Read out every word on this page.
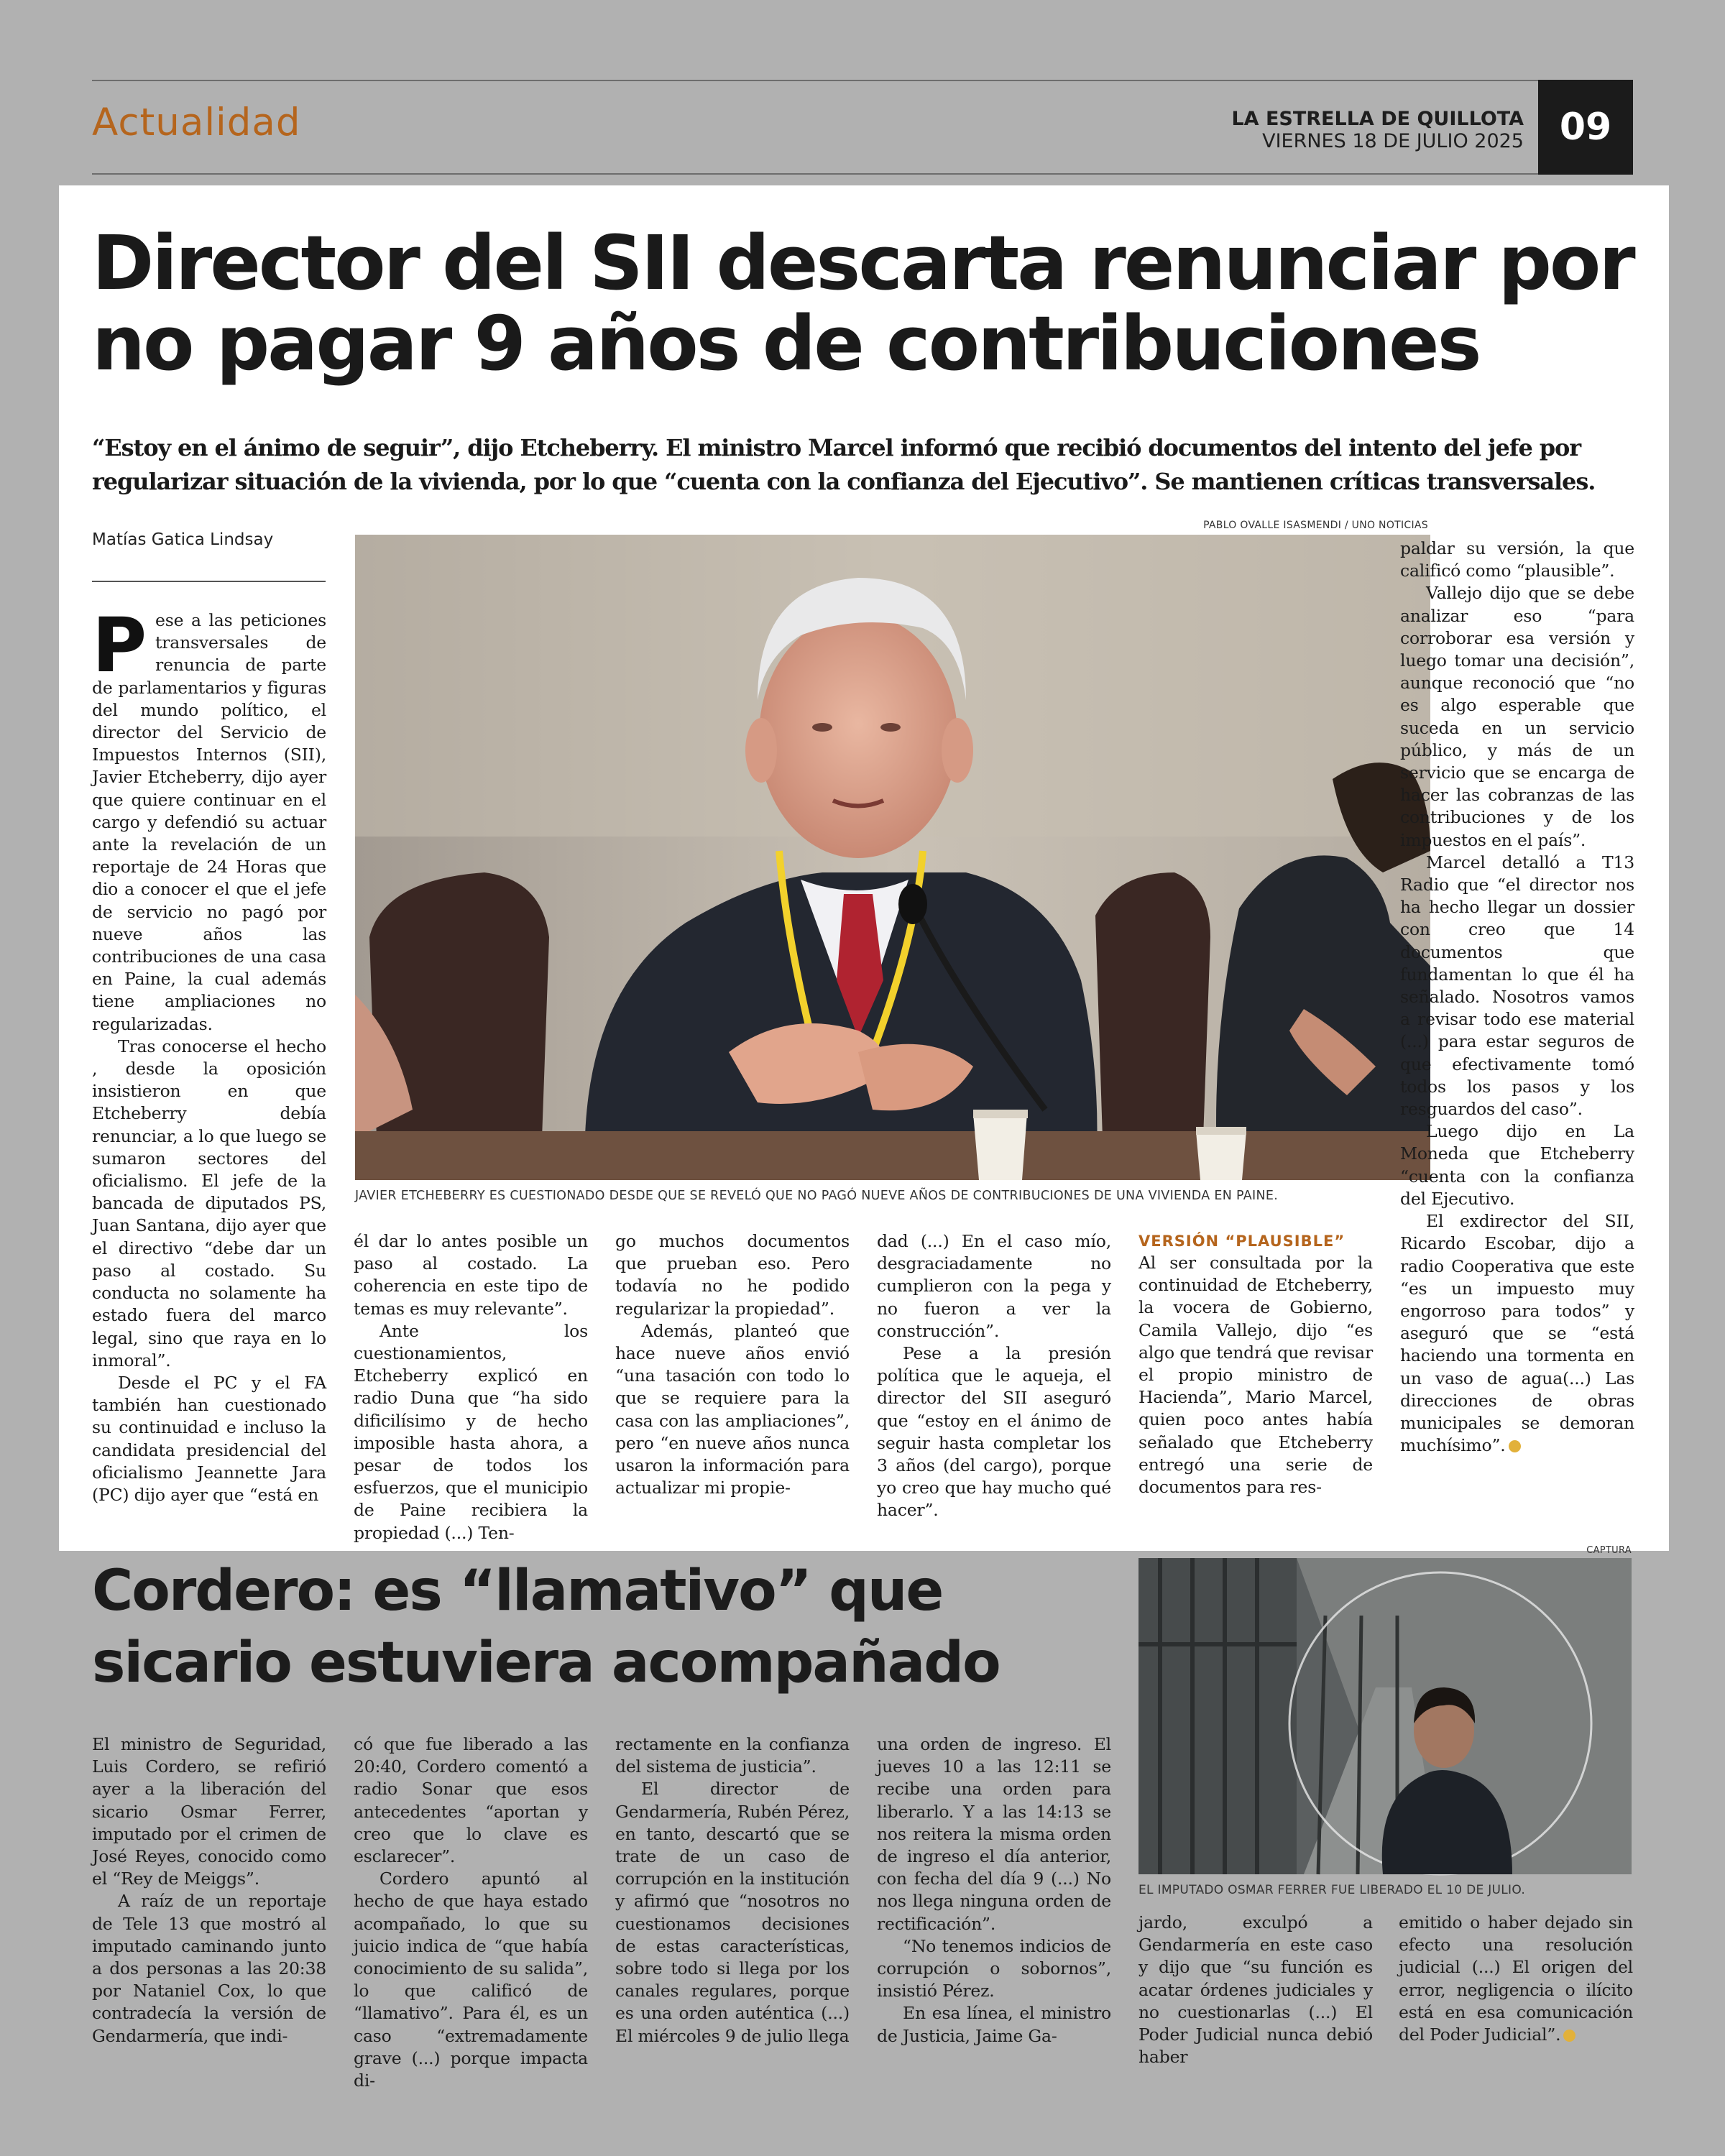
Actualidad	LA ESTRELLA DE QUILLOTA
VIERNES 18 DE JULIO 2025 09
Director del SII descarta renunciar por
no pagar 9 años de contribuciones
“Estoy en el ánimo de seguir”, dijo Etcheberry. El ministro Marcel informó que recibió documentos del intento del jefe por
regularizar situación de la vivienda, por lo que “cuenta con la confianza del Ejecutivo”. Se mantienen críticas transversales.
Matías Gatica Lindsay
PABLO OVALLE ISASMENDI / UNO NOTICIAS
JAVIER ETCHEBERRY ES CUESTIONADO DESDE QUE SE REVELÓ QUE NO PAGÓ NUEVE AÑOS DE CONTRIBUCIONES DE UNA VIVIENDA EN PAINE.

Pese a las peticiones transversales de renuncia de parte de parlamentarios y figuras del mundo político, el director del Servicio de Impuestos Internos (SII), Javier Etcheberry, dijo ayer que quiere continuar en el cargo y defendió su actuar ante la revelación de un reportaje de 24 Horas que dio a conocer el que el jefe de servicio no pagó por nueve años las contribuciones de una casa en Paine, la cual además tiene ampliaciones no regularizadas.

Tras conocerse el hecho , desde la oposición insistieron en que Etcheberry debía renunciar, a lo que luego se sumaron sectores del oficialismo. El jefe de la bancada de diputados PS, Juan Santana, dijo ayer que el directivo “debe dar un paso al costado. Su conducta no solamente ha estado fuera del marco legal, sino que raya en lo inmoral”.

Desde el PC y el FA también han cuestionado su continuidad e incluso la candidata presidencial del oficialismo Jeannette Jara (PC) dijo ayer que “está en

él dar lo antes posible un paso al costado. La coherencia en este tipo de temas es muy relevante”.

Ante los cuestionamientos, Etcheberry explicó en radio Duna que “ha sido dificilísimo y de hecho imposible hasta ahora, a pesar de todos los esfuerzos, que el municipio de Paine recibiera la propiedad (...) Ten-

go muchos documentos que prueban eso. Pero todavía no he podido regularizar la propiedad”.

Además, planteó que hace nueve años envió “una tasación con todo lo que se requiere para la casa con las ampliaciones”, pero “en nueve años nunca usaron la información para actualizar mi propie-

dad (...) En el caso mío, desgraciadamente no cumplieron con la pega y no fueron a ver la construcción”.

Pese a la presión política que le aqueja, el director del SII aseguró que “estoy en el ánimo de seguir hasta completar los 3 años (del cargo), porque yo creo que hay mucho qué hacer”.

VERSIÓN “PLAUSIBLE”

Al ser consultada por la continuidad de Etcheberry, la vocera de Gobierno, Camila Vallejo, dijo “es algo que tendrá que revisar el propio ministro de Hacienda”, Mario Marcel, quien poco antes había señalado que Etcheberry entregó una serie de documentos para res-

paldar su versión, la que calificó como “plausible”.

Vallejo dijo que se debe analizar eso “para corroborar esa versión y luego tomar una decisión”, aunque reconoció que “no es algo esperable que suceda en un servicio público, y más de un servicio que se encarga de hacer las cobranzas de las contribuciones y de los impuestos en el país”.

Marcel detalló a T13 Radio que “el director nos ha hecho llegar un dossier con creo que 14 documentos que fundamentan lo que él ha señalado. Nosotros vamos a revisar todo ese material (...) para estar seguros de que efectivamente tomó todos los pasos y los resguardos del caso”.

Luego dijo en La Moneda que Etcheberry “cuenta con la confianza del Ejecutivo.

El exdirector del SII, Ricardo Escobar, dijo a radio Cooperativa que este “es un impuesto muy engorroso para todos” y aseguró que se “está haciendo una tormenta en un vaso de agua(...) Las direcciones de obras municipales se demoran muchísimo”.

Cordero: es “llamativo” que
sicario estuviera acompañado
CAPTURA
EL IMPUTADO OSMAR FERRER FUE LIBERADO EL 10 DE JULIO.

El ministro de Seguridad, Luis Cordero, se refirió ayer a la liberación del sicario Osmar Ferrer, imputado por el crimen de José Reyes, conocido como el “Rey de Meiggs”.

A raíz de un reportaje de Tele 13 que mostró al imputado caminando junto a dos personas a las 20:38 por Nataniel Cox, lo que contradecía la versión de Gendarmería, que indi-

có que fue liberado a las 20:40, Cordero comentó a radio Sonar que esos antecedentes “aportan y creo que lo clave es esclarecer”.

Cordero apuntó al hecho de que haya estado acompañado, lo que su juicio indica de “que había conocimiento de su salida”, lo que calificó de “llamativo”. Para él, es un caso “extremadamente grave (...) porque impacta di-

rectamente en la confianza del sistema de justicia”.

El director de Gendarmería, Rubén Pérez, en tanto, descartó que se trate de un caso de corrupción en la institución y afirmó que “nosotros no cuestionamos decisiones de estas características, sobre todo si llega por los canales regulares, porque es una orden auténtica (...) El miércoles 9 de julio llega

una orden de ingreso. El jueves 10 a las 12:11 se recibe una orden para liberarlo. Y a las 14:13 se nos reitera la misma orden de ingreso el día anterior, con fecha del día 9 (...) No nos llega ninguna orden de rectificación”.

“No tenemos indicios de corrupción o sobornos”, insistió Pérez.

En esa línea, el ministro de Justicia, Jaime Ga-

jardo, exculpó a Gendarmería en este caso y dijo que “su función es acatar órdenes judiciales y no cuestionarlas (...) El Poder Judicial nunca debió haber

emitido o haber dejado sin efecto una resolución judicial (...) El origen del error, negligencia o ilícito está en esa comunicación del Poder Judicial”.
